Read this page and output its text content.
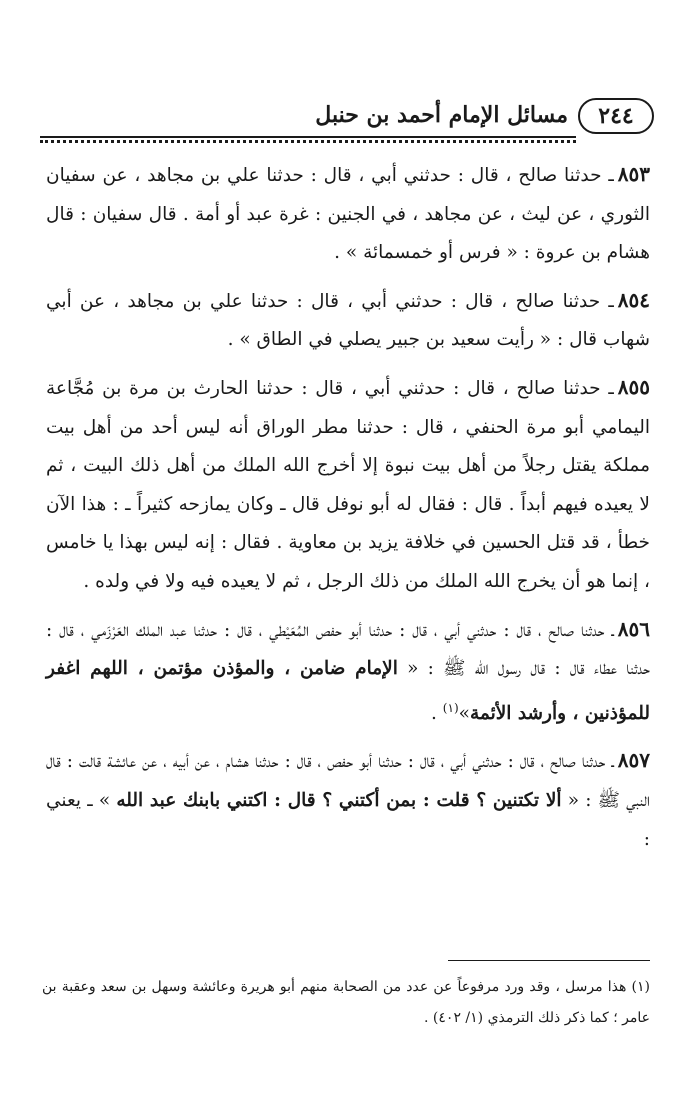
٢٤٤
مسائل الإمام أحمد بن حنبل

٨٥٣ـ حدثنا صالح ، قال : حدثني أبي ، قال : حدثنا علي بن مجاهد ، عن سفيان الثوري ، عن ليث ، عن مجاهد ، في الجنين : غرة عبد أو أمة . قال سفيان : قال هشام بن عروة : « فرس أو خمسمائة » .

٨٥٤ـ حدثنا صالح ، قال : حدثني أبي ، قال : حدثنا علي بن مجاهد ، عن أبي شهاب قال : « رأيت سعيد بن جبير يصلي في الطاق » .

٨٥٥ـ حدثنا صالح ، قال : حدثني أبي ، قال : حدثنا الحارث بن مرة بن مُجَّاعة اليمامي أبو مرة الحنفي ، قال : حدثنا مطر الوراق أنه ليس أحد من أهل بيت مملكة يقتل رجلاً من أهل بيت نبوة إلا أخرج الله الملك من أهل ذلك البيت ، ثم لا يعيده فيهم أبداً . قال : فقال له أبو نوفل قال ـ وكان يمازحه كثيراً ـ : هذا الآن خطأ ، قد قتل الحسين في خلافة يزيد بن معاوية . فقال : إنه ليس بهذا يا خامس ، إنما هو أن يخرج الله الملك من ذلك الرجل ، ثم لا يعيده فيه ولا في ولده .

٨٥٦ـ حدثنا صالح ، قال : حدثني أبي ، قال : حدثنا أبو حفص المُعَيْطي ، قال : حدثنا عبد الملك العَرْزَمي ، قال : حدثنا عطاء قال : قال رسول الله ﷺ : « الإمام ضامن ، والمؤذن مؤتمن ، اللهم اغفر للمؤذنين ، وأرشد الأئمة»$^{(١)}$ .

٨٥٧ـ حدثنا صالح ، قال : حدثني أبي ، قال : حدثنا أبو حفص ، قال : حدثنا هشام ، عن أبيه ، عن عائشة قالت : قال النبي ﷺ : « ألا تكتنين ؟ قلت : بمن أكتني ؟ قال : اكتني بابنك عبد الله » ـ يعني :

(١) هذا مرسل ، وقد ورد مرفوعاً عن عدد من الصحابة منهم أبو هريرة وعائشة وسهل بن سعد وعقبة بن عامر ؛ كما ذكر ذلك الترمذي (١/ ٤٠٢) .
